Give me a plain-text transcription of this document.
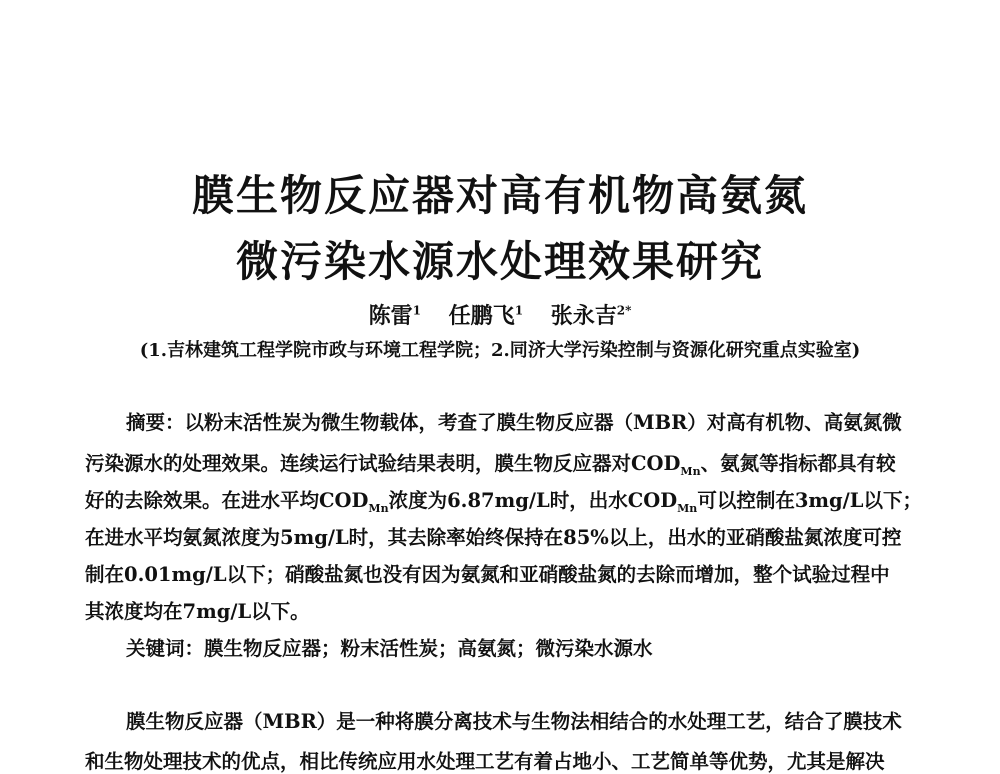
膜生物反应器对高有机物高氨氮
微污染水源水处理效果研究
陈雷$^1$ 任鹏飞$^1$ 张永吉$^{2*}$
(1.吉林建筑工程学院市政与环境工程学院；2.同济大学污染控制与资源化研究重点实验室)
摘要：以粉末活性炭为微生物载体，考查了膜生物反应器（MBR）对高有机物、高氨氮微
污染源水的处理效果。连续运行试验结果表明，膜生物反应器对$COD_{Mn}$、氨氮等指标都具有较
好的去除效果。在进水平均$COD_{Mn}$浓度为6.87mg/L时，出水$COD_{Mn}$可以控制在3mg/L以下；
在进水平均氨氮浓度为5mg/L时，其去除率始终保持在85%以上，出水的亚硝酸盐氮浓度可控
制在0.01mg/L以下；硝酸盐氮也没有因为氨氮和亚硝酸盐氮的去除而增加，整个试验过程中
其浓度均在7mg/L以下。
关键词：膜生物反应器；粉末活性炭；高氨氮；微污染水源水
膜生物反应器（MBR）是一种将膜分离技术与生物法相结合的水处理工艺，结合了膜技术
和生物处理技术的优点，相比传统应用水处理工艺有着占地小、工艺简单等优势，尤其是解决
